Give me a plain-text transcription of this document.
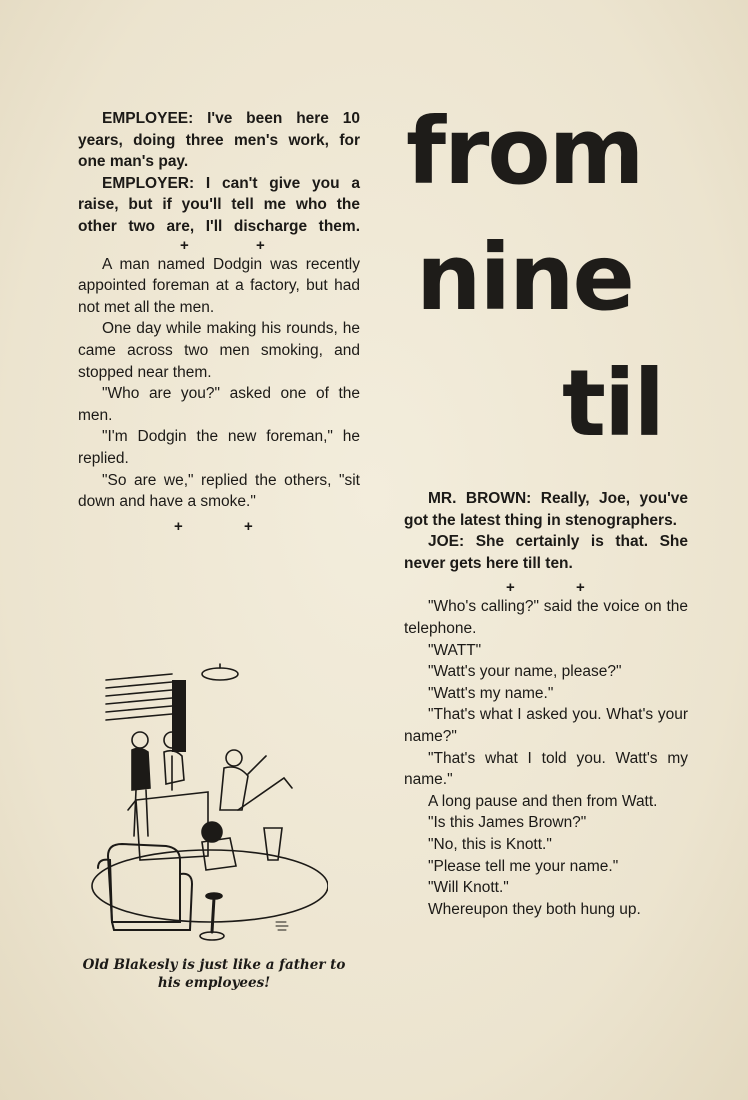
EMPLOYEE: I've been here 10 years, doing three men's work, for one man's pay.

EMPLOYER: I can't give you a raise, but if you'll tell me who the other two are, I'll discharge them.

+	+

A man named Dodgin was recently appointed foreman at a factory, but had not met all the men.

One day while making his rounds, he came across two men smoking, and stopped near them.

"Who are you?" asked one of the men.

"I'm Dodgin the new foreman," he replied.

"So are we," replied the others, "sit down and have a smoke."

+	+
Old Blakesly is just like a father to his employees!
from
nine
til

MR. BROWN: Really, Joe, you've got the latest thing in stenographers.

JOE: She certainly is that. She never gets here till ten.

+	+

"Who's calling?" said the voice on the telephone.

"WATT"

"Watt's your name, please?"

"Watt's my name."

"That's what I asked you. What's your name?"

"That's what I told you. Watt's my name."

A long pause and then from Watt.

"Is this James Brown?"

"No, this is Knott."

"Please tell me your name."

"Will Knott."

Whereupon they both hung up.
